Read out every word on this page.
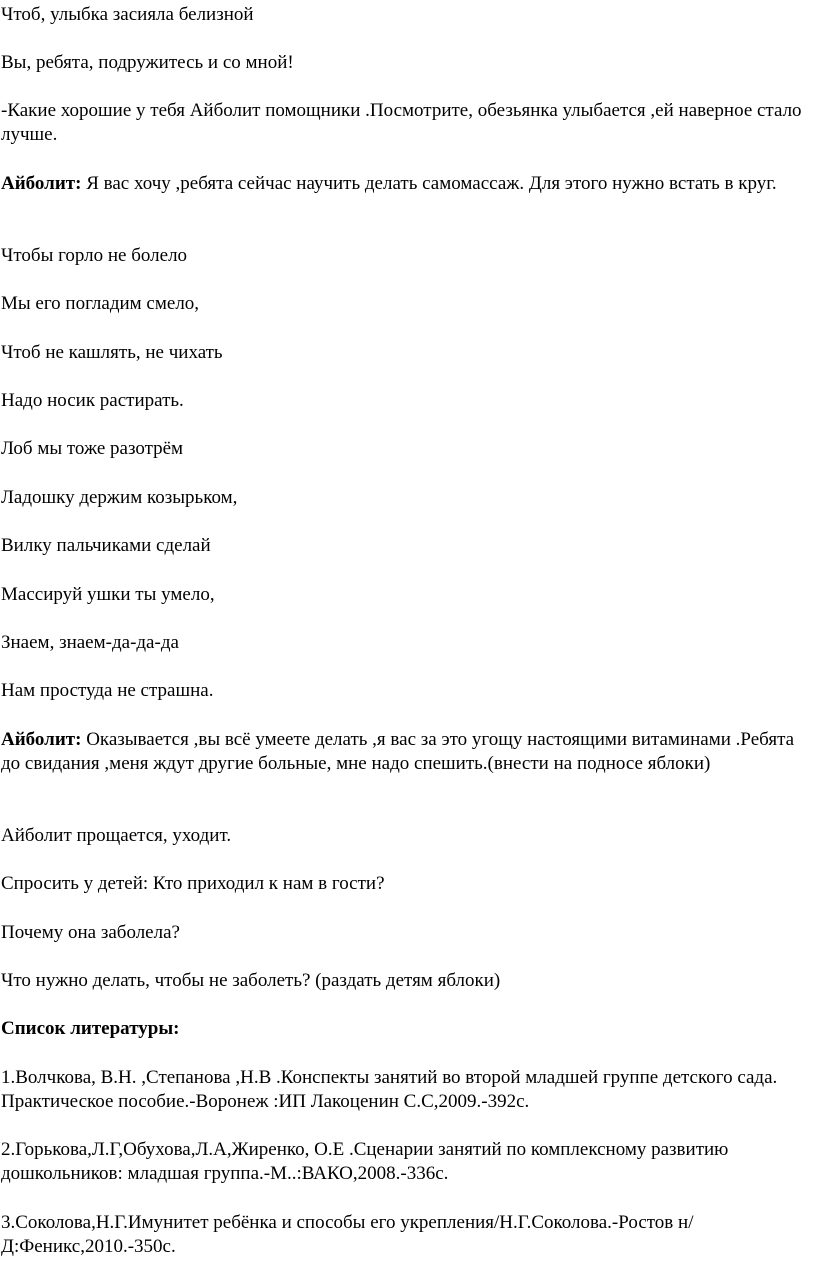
Чтоб, улыбка засияла белизной

Вы, ребята, подружитесь и со мной!

-Какие хорошие у тебя Айболит помощники .Посмотрите, обезьянка улыбается ,ей наверное стало лучше.

Айболит: Я вас хочу ,ребята сейчас научить делать самомассаж. Для этого нужно встать в круг.

Чтобы горло не болело

Мы его погладим смело,

Чтоб не кашлять, не чихать

Надо носик растирать.

Лоб мы тоже разотрём

Ладошку держим козырьком,

Вилку пальчиками сделай

Массируй ушки ты умело,

Знаем, знаем-да-да-да

Нам простуда не страшна.

Айболит: Оказывается ,вы всё умеете делать ,я вас за это угощу настоящими витаминами .Ребята до свидания ,меня ждут другие больные, мне надо спешить.(внести на подносе яблоки)

Айболит прощается, уходит.

Спросить у детей: Кто приходил к нам в гости?

Почему она заболела?

Что нужно делать, чтобы не заболеть? (раздать детям яблоки)

Список литературы:

1.Волчкова, В.Н. ,Степанова ,Н.В .Конспекты занятий во второй младшей группе детского сада. Практическое пособие.-Воронеж :ИП Лакоценин С.С,2009.-392с.

2.Горькова,Л.Г,Обухова,Л.А,Жиренко, О.Е .Сценарии занятий по комплексному развитию дошкольников: младшая группа.-М..:ВАКО,2008.-336с.

3.Соколова,Н.Г.Имунитет ребёнка и способы его укрепления/Н.Г.Соколова.-Ростов н/Д:Феникс,2010.-350с.
